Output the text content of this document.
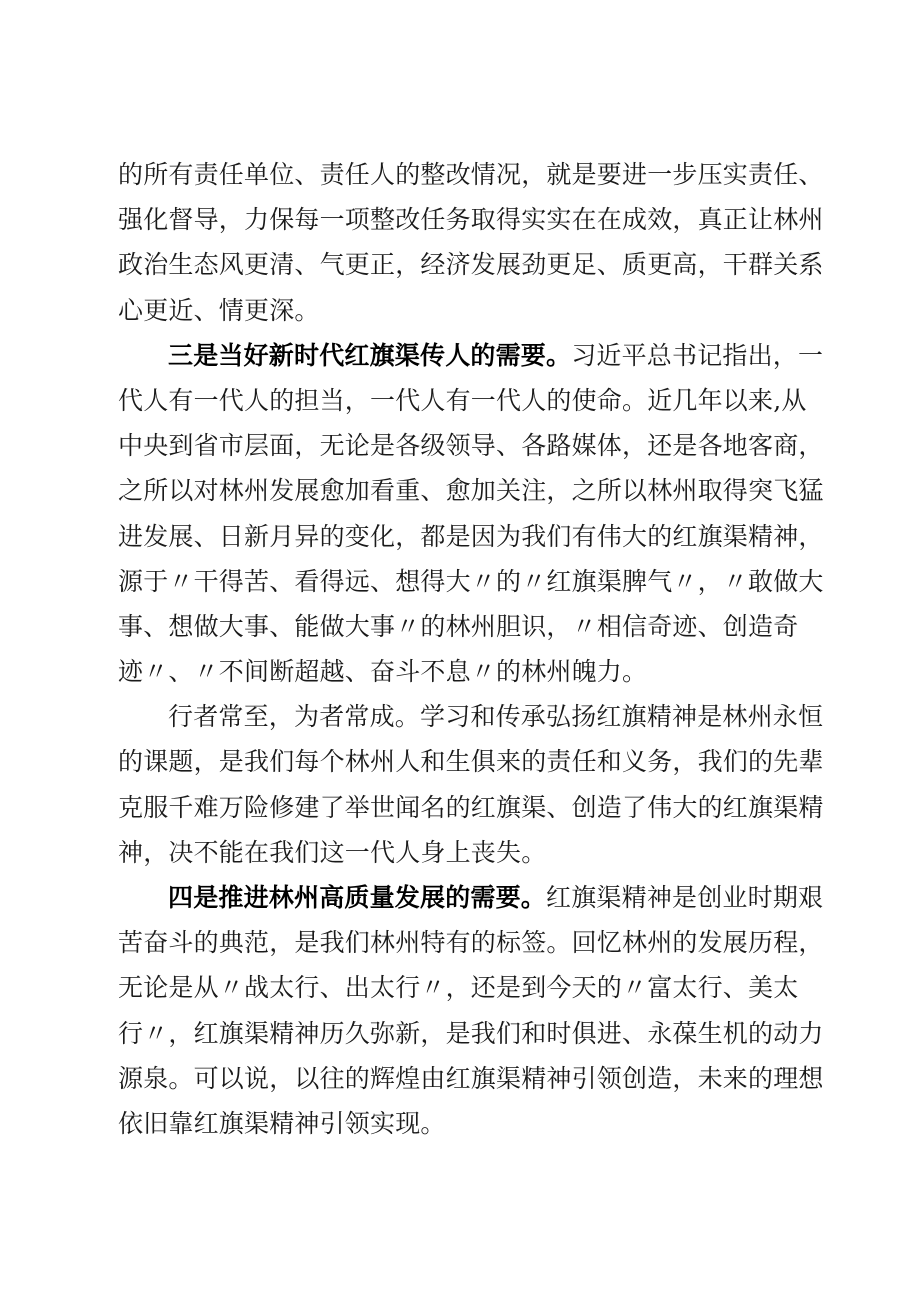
的所有责任单位、责任人的整改情况，就是要进一步压实责任、
强化督导，力保每一项整改任务取得实实在在成效，真正让林州
政治生态风更清、气更正，经济发展劲更足、质更高，干群关系
心更近、情更深。
三是当好新时代红旗渠传人的需要。习近平总书记指出，一
代人有一代人的担当，一代人有一代人的使命。近几年以来,从
中央到省市层面，无论是各级领导、各路媒体，还是各地客商，
之所以对林州发展愈加看重、愈加关注，之所以林州取得突飞猛
进发展、日新月异的变化，都是因为我们有伟大的红旗渠精神，
源于〃干得苦、看得远、想得大〃的〃红旗渠脾气〃，〃敢做大
事、想做大事、能做大事〃的林州胆识，〃相信奇迹、创造奇
迹〃、〃不间断超越、奋斗不息〃的林州魄力。
行者常至，为者常成。学习和传承弘扬红旗精神是林州永恒
的课题，是我们每个林州人和生俱来的责任和义务，我们的先辈
克服千难万险修建了举世闻名的红旗渠、创造了伟大的红旗渠精
神，决不能在我们这一代人身上丧失。
四是推进林州高质量发展的需要。红旗渠精神是创业时期艰
苦奋斗的典范，是我们林州特有的标签。回忆林州的发展历程，
无论是从〃战太行、出太行〃，还是到今天的〃富太行、美太
行〃，红旗渠精神历久弥新，是我们和时俱进、永葆生机的动力
源泉。可以说，以往的辉煌由红旗渠精神引领创造，未来的理想
依旧靠红旗渠精神引领实现。
